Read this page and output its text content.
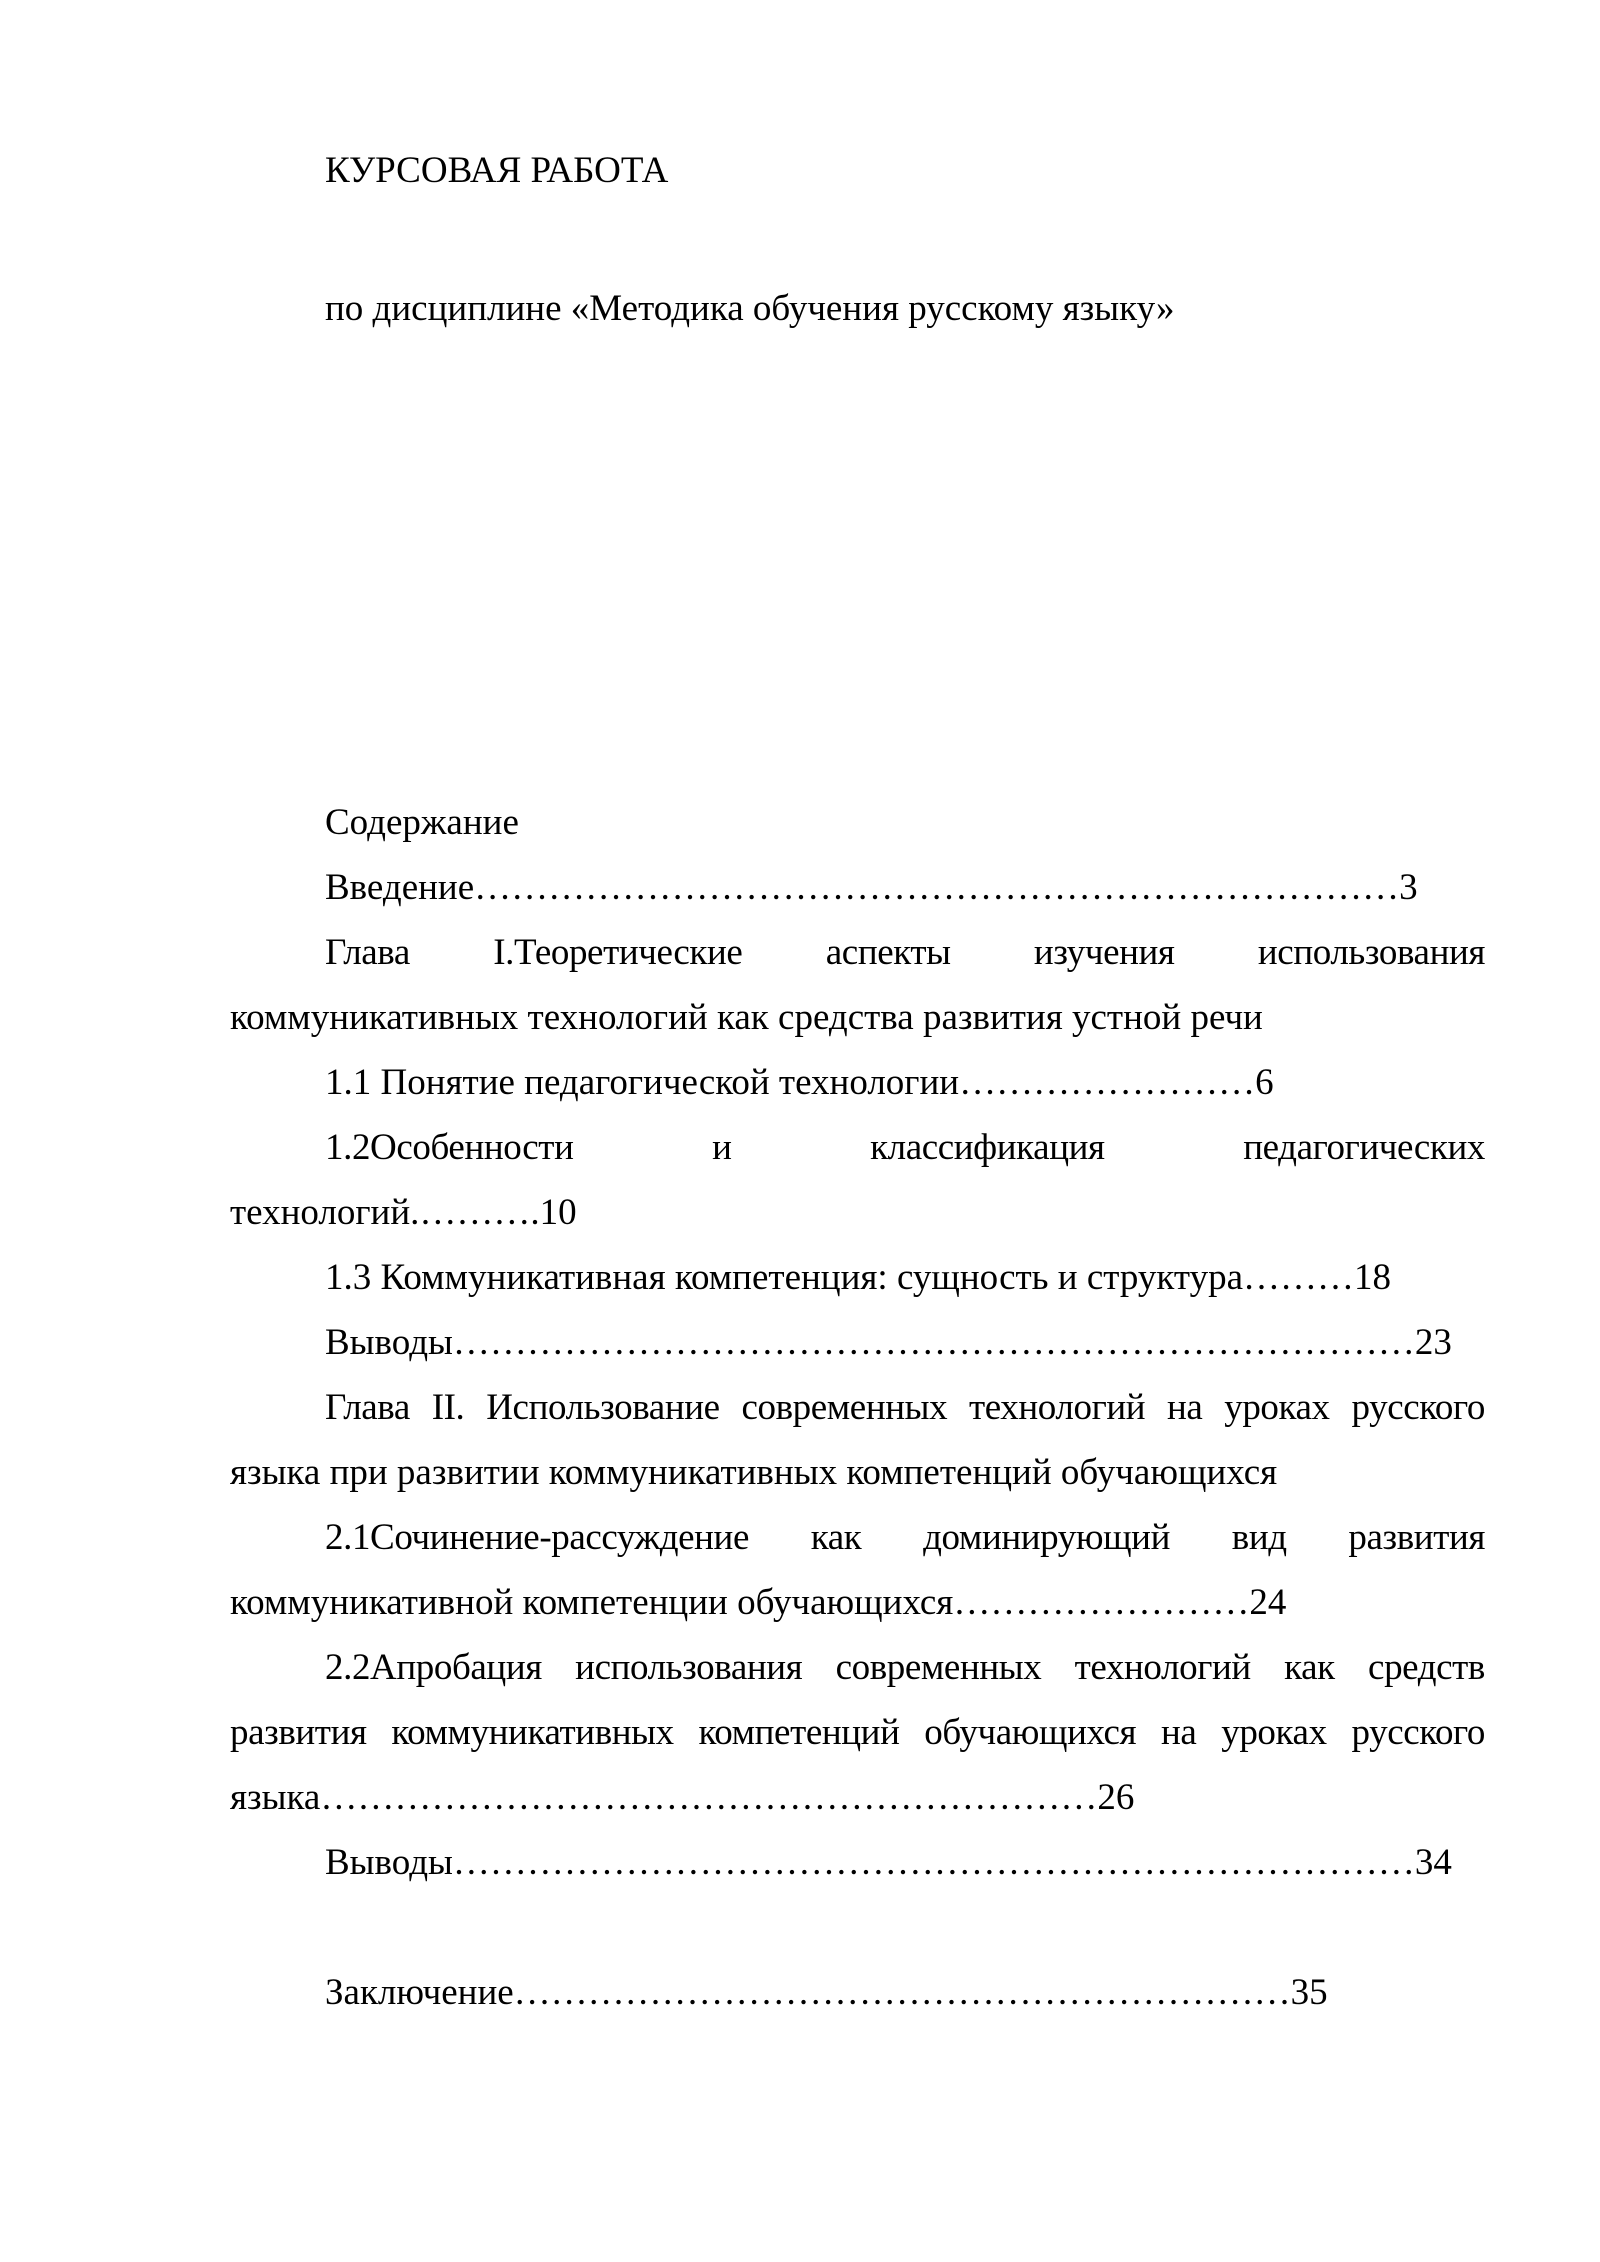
КУРСОВАЯ РАБОТА
по дисциплине «Методика обучения русскому языку»
Содержание
Введение…………………………………………………………………3
Глава I.Теоретические аспекты изучения использования
коммуникативных технологий как средства развития устной речи
1.1 Понятие педагогической технологии……………………6
1.2Особенности и классификация педагогических
технологий.……….10
1.3 Коммуникативная компетенция: сущность и структура………18
Выводы……………………………………………………………………23
Глава II. Использование современных технологий на уроках русского
языка при развитии коммуникативных компетенций обучающихся
2.1Сочинение-рассуждение как доминирующий вид развития
коммуникативной компетенции обучающихся……………………24
2.2Апробация использования современных технологий как средств
развития коммуникативных компетенций обучающихся на уроках русского
языка………………………………………………………26
Выводы……………………………………………………………………34
Заключение………………………………………………………35
